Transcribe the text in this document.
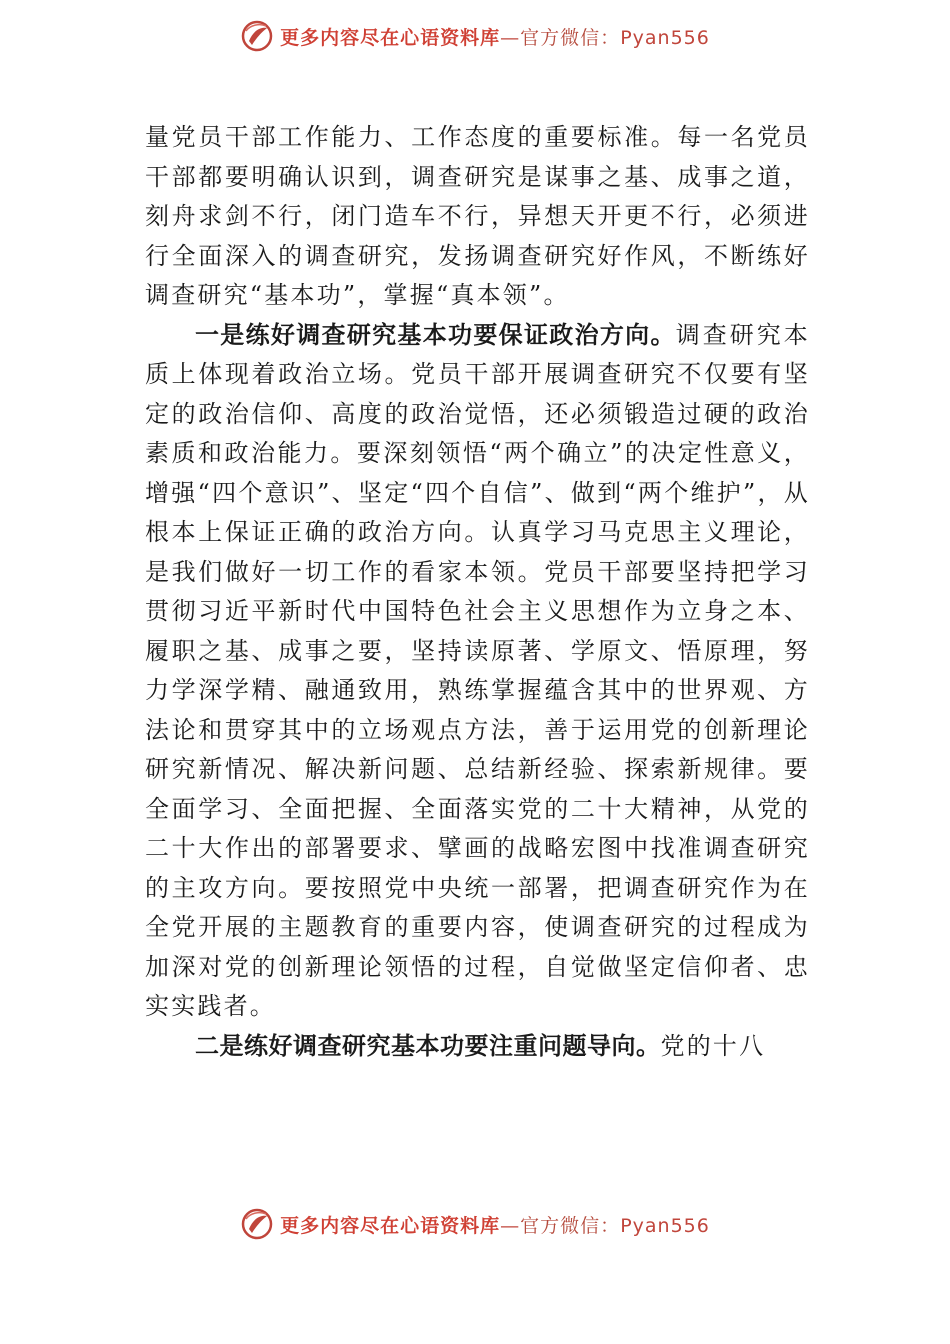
更多内容尽在心语资料库—官方微信：Pyan556

量党员干部工作能力、工作态度的重要标准。每一名党员干部都要明确认识到，调查研究是谋事之基、成事之道，刻舟求剑不行，闭门造车不行，异想天开更不行，必须进行全面深入的调查研究，发扬调查研究好作风，不断练好调查研究“基本功”，掌握“真本领”。

一是练好调查研究基本功要保证政治方向。调查研究本质上体现着政治立场。党员干部开展调查研究不仅要有坚定的政治信仰、高度的政治觉悟，还必须锻造过硬的政治素质和政治能力。要深刻领悟“两个确立”的决定性意义，增强“四个意识”、坚定“四个自信”、做到“两个维护”，从根本上保证正确的政治方向。认真学习马克思主义理论，是我们做好一切工作的看家本领。党员干部要坚持把学习贯彻习近平新时代中国特色社会主义思想作为立身之本、履职之基、成事之要，坚持读原著、学原文、悟原理，努力学深学精、融通致用，熟练掌握蕴含其中的世界观、方法论和贯穿其中的立场观点方法，善于运用党的创新理论研究新情况、解决新问题、总结新经验、探索新规律。要全面学习、全面把握、全面落实党的二十大精神，从党的二十大作出的部署要求、擘画的战略宏图中找准调查研究的主攻方向。要按照党中央统一部署，把调查研究作为在全党开展的主题教育的重要内容，使调查研究的过程成为加深对党的创新理论领悟的过程，自觉做坚定信仰者、忠实实践者。

二是练好调查研究基本功要注重问题导向。党的十八

更多内容尽在心语资料库—官方微信：Pyan556
